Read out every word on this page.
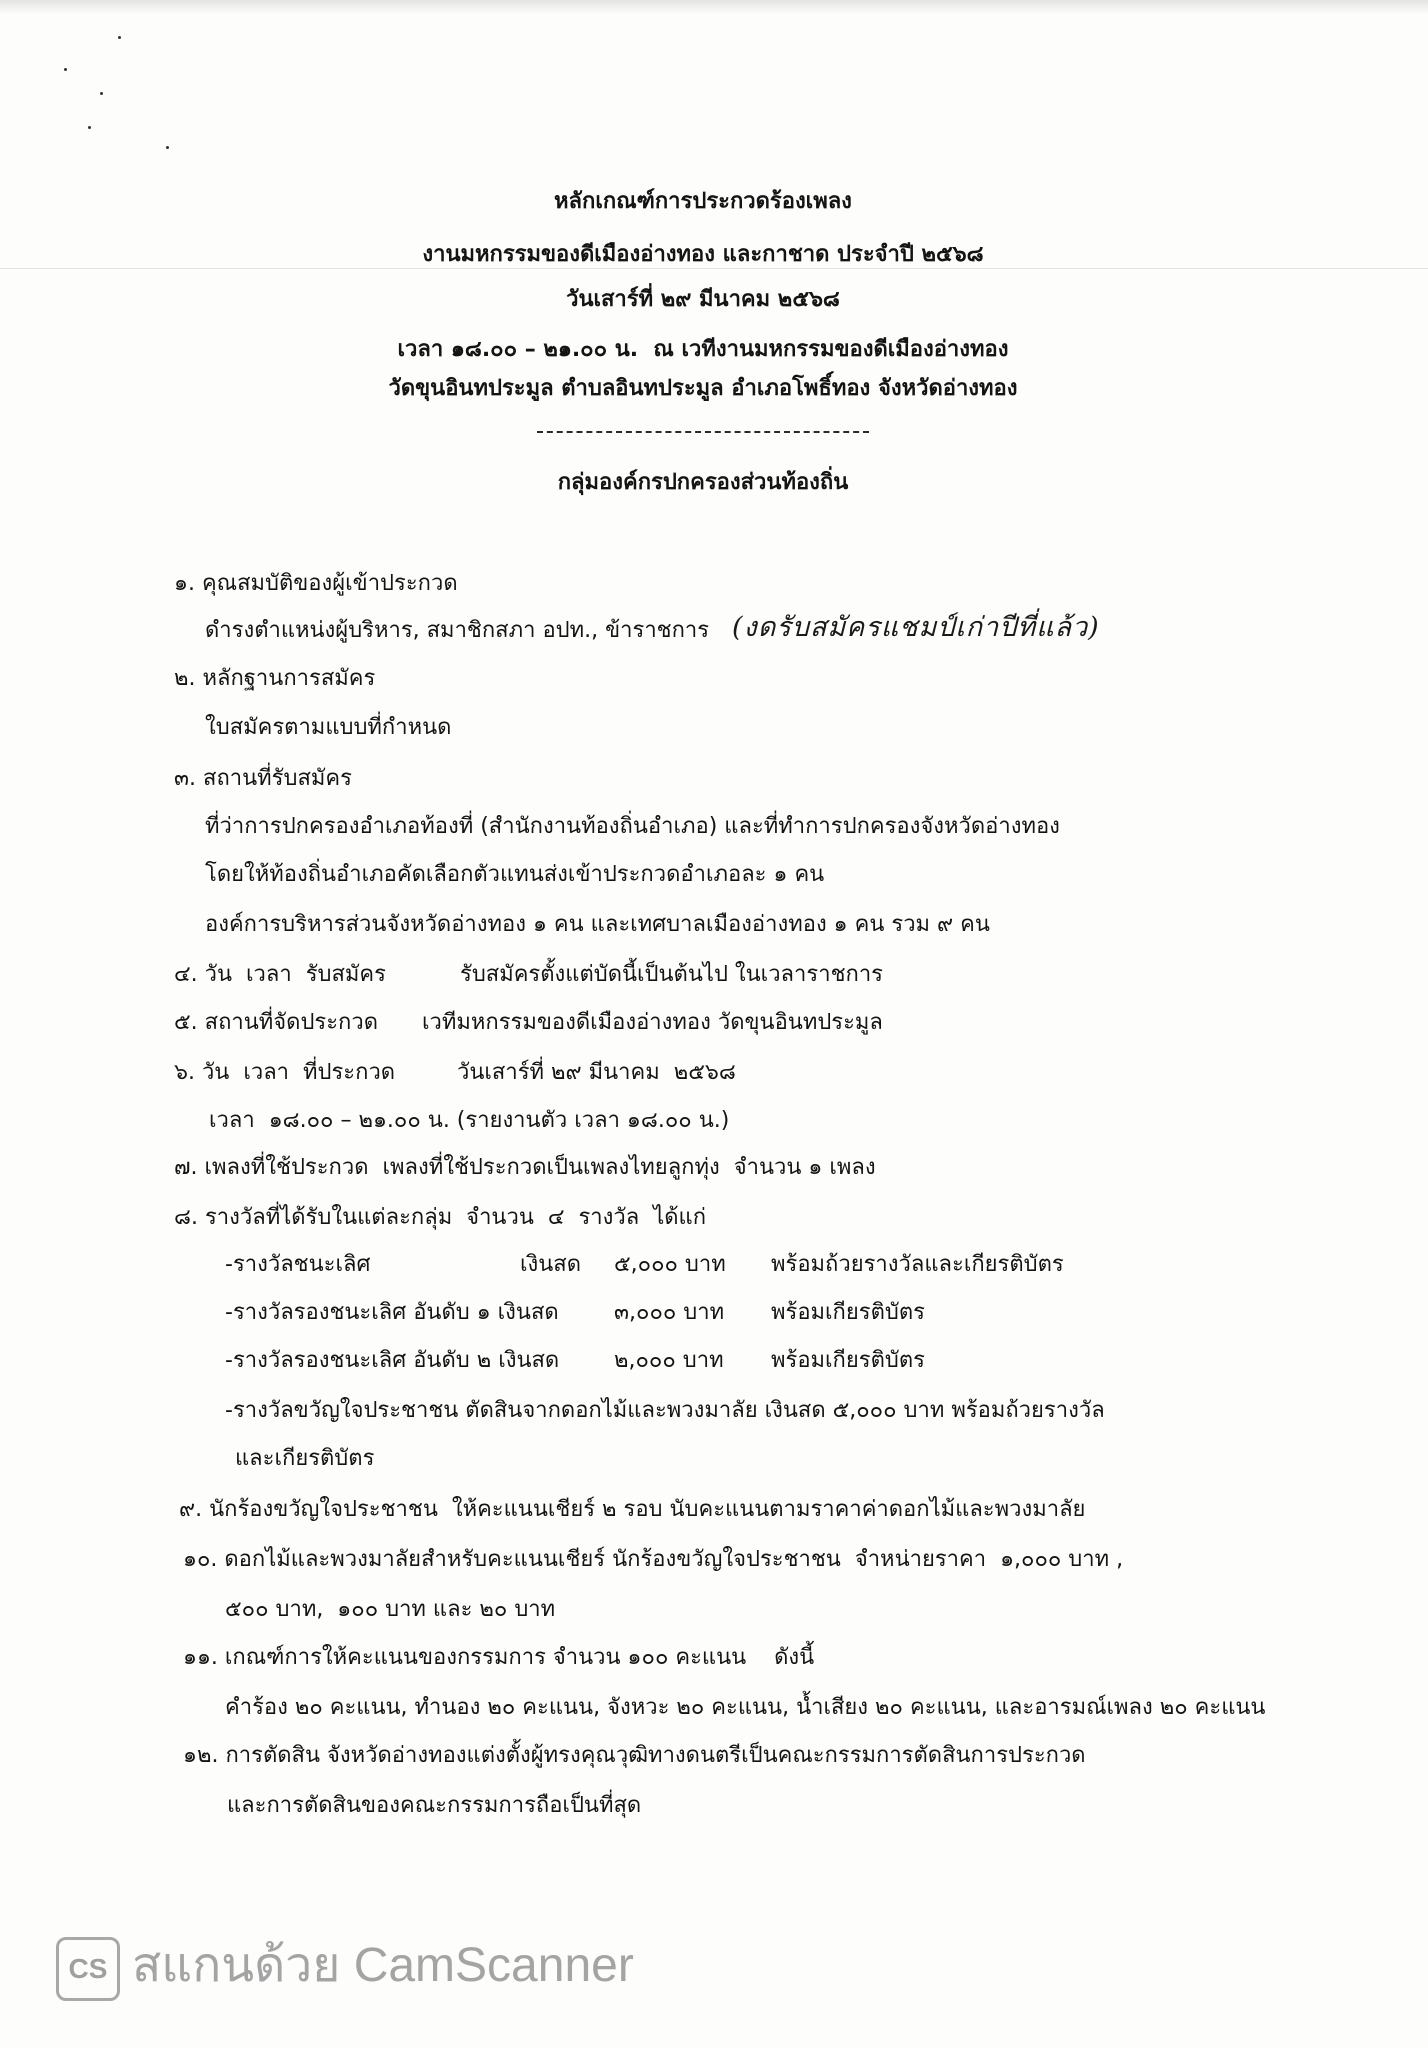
หลักเกณฑ์การประกวดร้องเพลง
งานมหกรรมของดีเมืองอ่างทอง และกาชาด ประจำปี ๒๕๖๘
วันเสาร์ที่ ๒๙ มีนาคม ๒๕๖๘
เวลา ๑๘.๐๐ – ๒๑.๐๐ น.  ณ เวทีงานมหกรรมของดีเมืองอ่างทอง
วัดขุนอินทประมูล ตำบลอินทประมูล อำเภอโพธิ์ทอง จังหวัดอ่างทอง
กลุ่มองค์กรปกครองส่วนท้องถิ่น
๑. คุณสมบัติของผู้เข้าประกวด
ดำรงตำแหน่งผู้บริหาร, สมาชิกสภา อปท., ข้าราชการ (งดรับสมัครแชมป์เก่าปีที่แล้ว)
๒. หลักฐานการสมัคร
ใบสมัครตามแบบที่กำหนด
๓. สถานที่รับสมัคร
ที่ว่าการปกครองอำเภอท้องที่ (สำนักงานท้องถิ่นอำเภอ) และที่ทำการปกครองจังหวัดอ่างทอง
โดยให้ท้องถิ่นอำเภอคัดเลือกตัวแทนส่งเข้าประกวดอำเภอละ ๑ คน
องค์การบริหารส่วนจังหวัดอ่างทอง ๑ คน และเทศบาลเมืองอ่างทอง ๑ คน รวม ๙ คน
๔. วัน  เวลา  รับสมัคร	รับสมัครตั้งแต่บัดนี้เป็นต้นไป ในเวลาราชการ
๕. สถานที่จัดประกวด เวทีมหกรรมของดีเมืองอ่างทอง วัดขุนอินทประมูล
๖. วัน  เวลา  ที่ประกวด	วันเสาร์ที่ ๒๙ มีนาคม  ๒๕๖๘
เวลา  ๑๘.๐๐ – ๒๑.๐๐ น. (รายงานตัว เวลา ๑๘.๐๐ น.)
๗. เพลงที่ใช้ประกวด  เพลงที่ใช้ประกวดเป็นเพลงไทยลูกทุ่ง  จำนวน ๑ เพลง
๘. รางวัลที่ได้รับในแต่ละกลุ่ม  จำนวน  ๔  รางวัล  ได้แก่
-รางวัลชนะเลิศ	เงินสด ๕,๐๐๐ บาท พร้อมถ้วยรางวัลและเกียรติบัตร
-รางวัลรองชนะเลิศ อันดับ ๑ เงินสด	๓,๐๐๐ บาท พร้อมเกียรติบัตร
-รางวัลรองชนะเลิศ อันดับ ๒ เงินสด ๒,๐๐๐ บาท พร้อมเกียรติบัตร
-รางวัลขวัญใจประชาชน ตัดสินจากดอกไม้และพวงมาลัย เงินสด ๕,๐๐๐ บาท พร้อมถ้วยรางวัล
และเกียรติบัตร
๙. นักร้องขวัญใจประชาชน  ให้คะแนนเชียร์ ๒ รอบ นับคะแนนตามราคาค่าดอกไม้และพวงมาลัย
๑๐. ดอกไม้และพวงมาลัยสำหรับคะแนนเชียร์ นักร้องขวัญใจประชาชน  จำหน่ายราคา  ๑,๐๐๐ บาท ,
๕๐๐ บาท,  ๑๐๐ บาท และ ๒๐ บาท
๑๑. เกณฑ์การให้คะแนนของกรรมการ จำนวน ๑๐๐ คะแนน    ดังนี้
คำร้อง ๒๐ คะแนน, ทำนอง ๒๐ คะแนน, จังหวะ ๒๐ คะแนน, น้ำเสียง ๒๐ คะแนน, และอารมณ์เพลง ๒๐ คะแนน
๑๒. การตัดสิน จังหวัดอ่างทองแต่งตั้งผู้ทรงคุณวุฒิทางดนตรีเป็นคณะกรรมการตัดสินการประกวด
และการตัดสินของคณะกรรมการถือเป็นที่สุด
CS สแกนด้วย CamScanner
